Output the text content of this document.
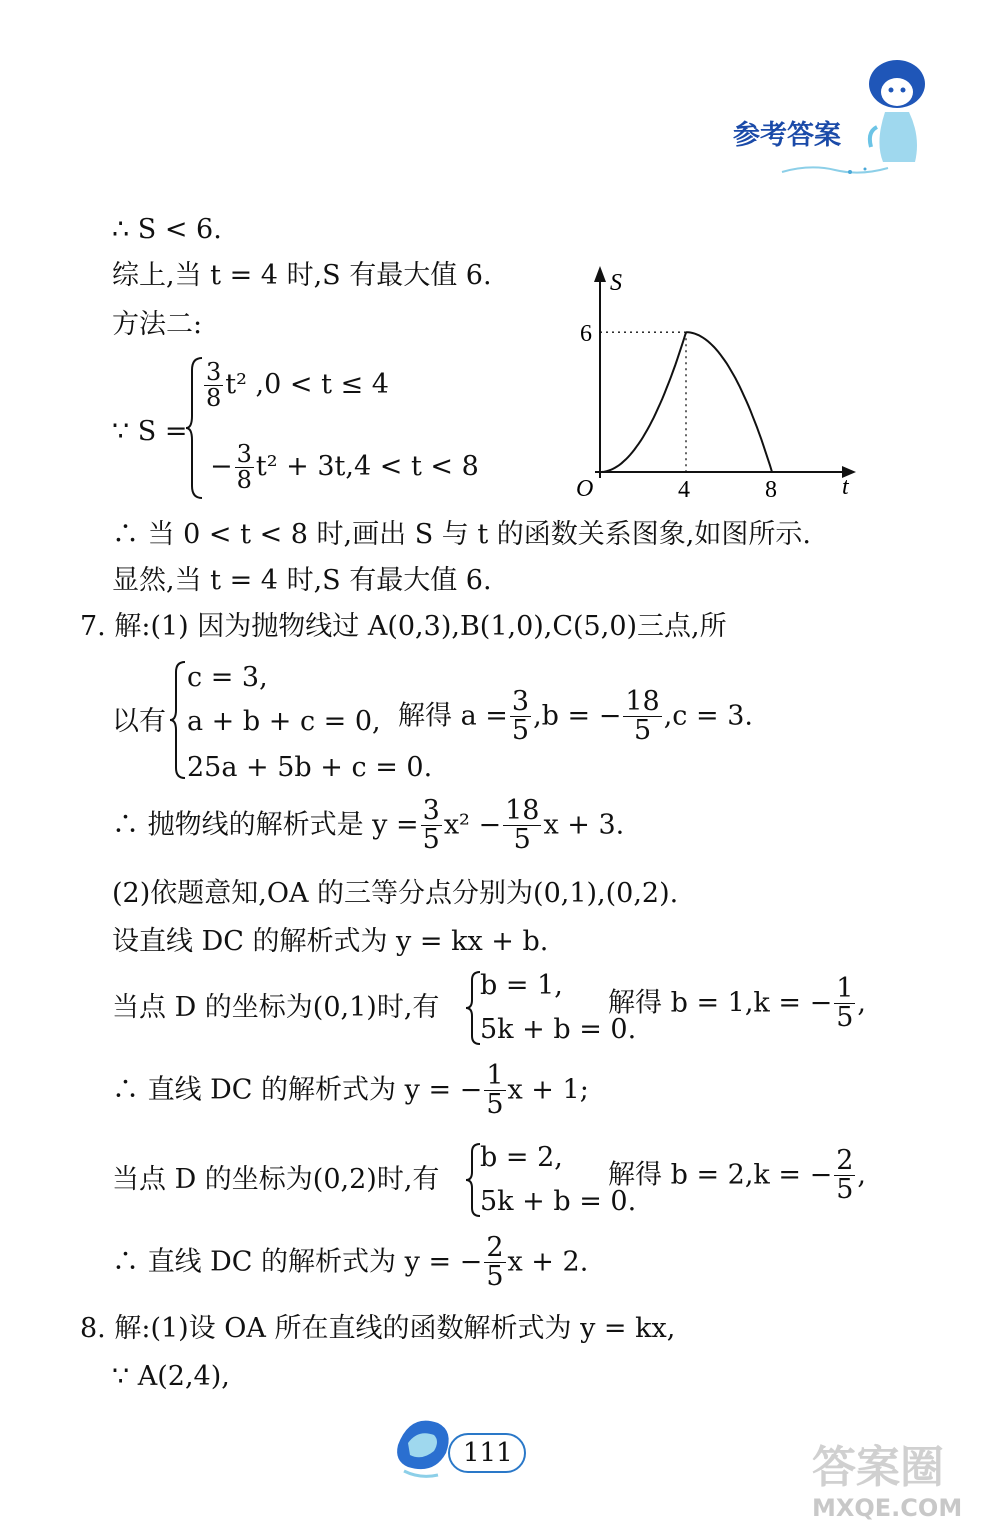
参考答案
∴ S < 6.
综上,当 t = 4 时,S 有最大值 6.
方法二:
∵ S =
$\frac{3}{8} t^2$ ,0 < t ≤ 4
− $\frac{3}{8} t^2 + 3t,4 < t < 8$
S
t
O
6
4	8
∴ 当 0 < t < 8 时,画出 S 与 t 的函数关系图象,如图所示.
显然,当 t = 4 时,S 有最大值 6.
7. 解:(1) 因为抛物线过 A(0,3),B(1,0),C(5,0)三点,所
以有
c = 3,
a + b + c = 0,
25a + 5b + c = 0.
解得 $a = \frac{3}{5} ,b$ = − $\frac{18}{5} ,c = 3$.
∴ 抛物线的解析式是 $y = \frac{3}{5} x^2 - \frac{18}{5}$ x + 3.
(2)依题意知,OA 的三等分点分别为(0,1),(0,2).
设直线 DC 的解析式为 y = kx + b.
当点 D 的坐标为(0,1)时,有
b = 1,
5k + b = 0.
解得 b = 1,k = − $\frac{1}{5}$ ,
∴ 直线 DC 的解析式为 y = − $\frac{1}{5}$ x + 1;
当点 D 的坐标为(0,2)时,有
b = 2,
5k + b = 0.
解得 b = 2,k = − $\frac{2}{5}$ ,
∴ 直线 DC 的解析式为 y = − $\frac{2}{5}$ x + 2.
8. 解:(1)设 OA 所在直线的函数解析式为 y = kx,
∵ A(2,4),
111	答案圈
MXQE.COM
